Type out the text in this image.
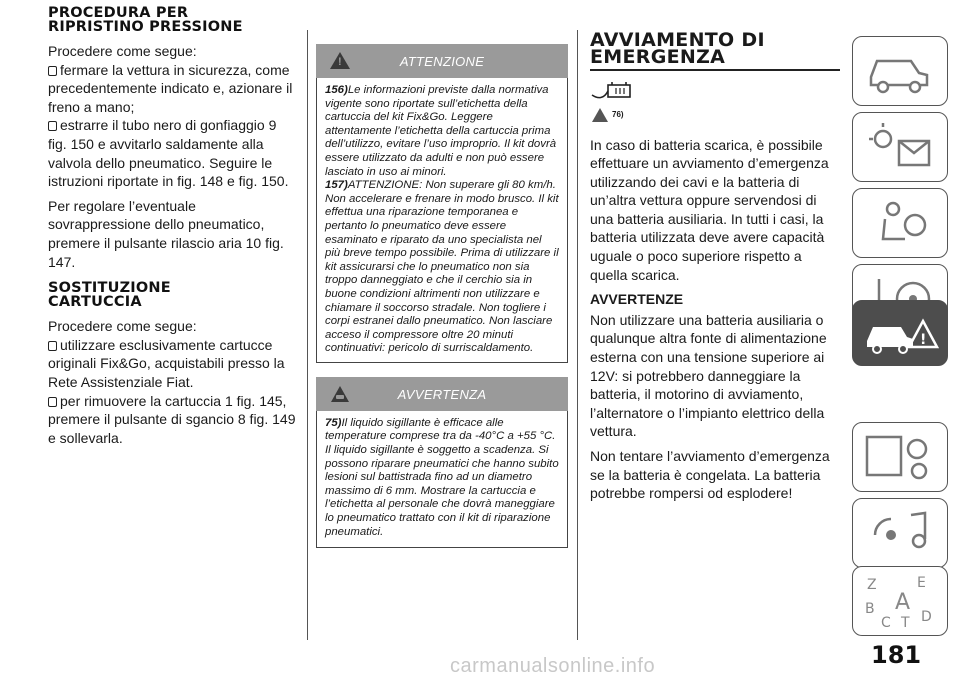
PROCEDURA PER
RIPRISTINO PRESSIONE

Procedere come segue:

fermare la vettura in sicurezza, come precedentemente indicato e, azionare il freno a mano;

estrarre il tubo nero di gonfiaggio 9 fig. 150 e avvitarlo saldamente alla valvola dello pneumatico. Seguire le istruzioni riportate in fig. 148 e fig. 150.

Per regolare l’eventuale sovrappressione dello pneumatico, premere il pulsante rilascio aria 10 fig. 147.

SOSTITUZIONE
CARTUCCIA

Procedere come segue:

utilizzare esclusivamente cartucce originali Fix&Go, acquistabili presso la Rete Assistenziale Fiat.

per rimuovere la cartuccia 1 fig. 145, premere il pulsante di sgancio 8 fig. 149 e sollevarla.

!	ATTENZIONE

156)Le informazioni previste dalla normativa vigente sono riportate sull’etichetta della cartuccia del kit Fix&Go. Leggere attentamente l’etichetta della cartuccia prima dell’utilizzo, evitare l’uso improprio. Il kit dovrà essere utilizzato da adulti e non può essere lasciato in uso ai minori.

157)ATTENZIONE: Non superare gli 80 km/h. Non accelerare e frenare in modo brusco. Il kit effettua una riparazione temporanea e pertanto lo pneumatico deve essere esaminato e riparato da uno specialista nel più breve tempo possibile. Prima di utilizzare il kit assicurarsi che lo pneumatico non sia troppo danneggiato e che il cerchio sia in buone condizioni altrimenti non utilizzare e chiamare il soccorso stradale. Non togliere i corpi estranei dallo pneumatico. Non lasciare acceso il compressore oltre 20 minuti continuativi: pericolo di surriscaldamento.

AVVERTENZA

75)Il liquido sigillante è efficace alle temperature comprese tra da -40°C a +55 °C. Il liquido sigillante è soggetto a scadenza. Si possono riparare pneumatici che hanno subito lesioni sul battistrada fino ad un diametro massimo di 6 mm. Mostrare la cartuccia e l’etichetta al personale che dovrà maneggiare lo pneumatico trattato con il kit di riparazione pneumatici.

AVVIAMENTO DI
EMERGENZA
76)

In caso di batteria scarica, è possibile effettuare un avviamento d’emergenza utilizzando dei cavi e la batteria di un’altra vettura oppure servendosi di una batteria ausiliaria. In tutti i casi, la batteria utilizzata deve avere capacità uguale o poco superiore rispetto a quella scarica.

AVVERTENZE

Non utilizzare una batteria ausiliaria o qualunque altra fonte di alimentazione esterna con una tensione superiore ai 12V: si potrebbero danneggiare la batteria, il motorino di avviamento, l’alternatore o l’impianto elettrico della vettura.

Non tentare l’avviamento d’emergenza se la batteria è congelata. La batteria potrebbe rompersi od esplodere!

!
Z	E
B A
C T D
181
carmanualsonline.info
